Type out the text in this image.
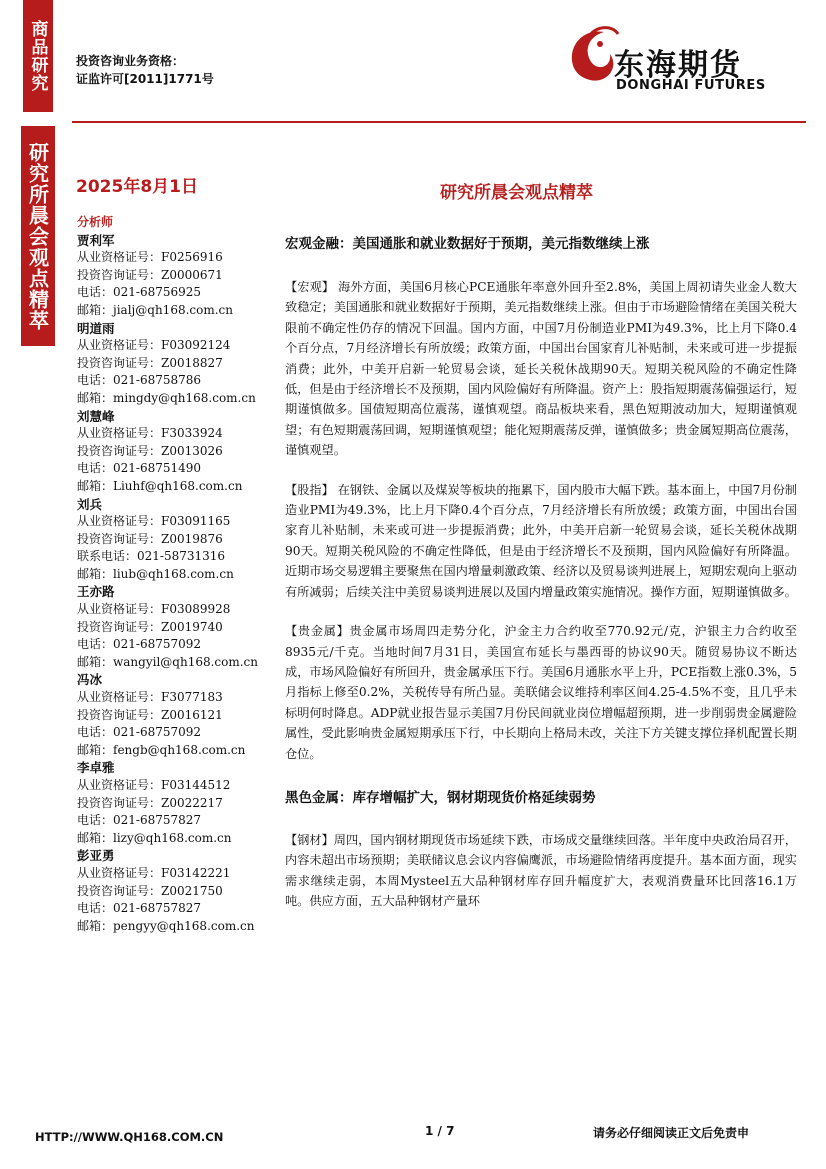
商品研究
研究所晨会观点精萃
投资咨询业务资格：
证监许可[2011]1771号	东海期货
DONGHAI FUTURES
2025年8月1日	研究所晨会观点精萃
分析师
贾利军
从业资格证号：F0256916
投资咨询证号：Z0000671
电话：021-68756925
邮箱：jialj@qh168.com.cn
明道雨
从业资格证号：F03092124
投资咨询证号：Z0018827
电话：021-68758786
邮箱：mingdy@qh168.com.cn
刘慧峰
从业资格证号：F3033924
投资咨询证号：Z0013026
电话：021-68751490
邮箱：Liuhf@qh168.com.cn
刘兵
从业资格证号：F03091165
投资咨询证号：Z0019876
联系电话：021-58731316
邮箱：liub@qh168.com.cn
王亦路
从业资格证号：F03089928
投资咨询证号：Z0019740
电话：021-68757092
邮箱：wangyil@qh168.com.cn
冯冰
从业资格证号：F3077183
投资咨询证号：Z0016121
电话：021-68757092
邮箱：fengb@qh168.com.cn
李卓雅
从业资格证号：F03144512
投资咨询证号：Z0022217
电话：021-68757827
邮箱：lizy@qh168.com.cn
彭亚勇
从业资格证号：F03142221
投资咨询证号：Z0021750
电话：021-68757827
邮箱：pengyy@qh168.com.cn
宏观金融：美国通胀和就业数据好于预期，美元指数继续上涨

【宏观】 海外方面，美国6月核心PCE通胀年率意外回升至2.8%，美国上周初请失业金人数大致稳定；美国通胀和就业数据好于预期，美元指数继续上涨。但由于市场避险情绪在美国关税大限前不确定性仍存的情况下回温。国内方面，中国7月份制造业PMI为49.3%，比上月下降0.4个百分点，7月经济增长有所放缓；政策方面，中国出台国家育儿补贴制，未来或可进一步提振消费；此外，中美开启新一轮贸易会谈，延长关税休战期90天。短期关税风险的不确定性降低，但是由于经济增长不及预期，国内风险偏好有所降温。资产上：股指短期震荡偏强运行，短期谨慎做多。国债短期高位震荡，谨慎观望。商品板块来看，黑色短期波动加大，短期谨慎观望；有色短期震荡回调，短期谨慎观望；能化短期震荡反弹，谨慎做多；贵金属短期高位震荡，谨慎观望。

【股指】 在钢铁、金属以及煤炭等板块的拖累下，国内股市大幅下跌。基本面上，中国7月份制造业PMI为49.3%，比上月下降0.4个百分点，7月经济增长有所放缓；政策方面，中国出台国家育儿补贴制，未来或可进一步提振消费；此外，中美开启新一轮贸易会谈，延长关税休战期90天。短期关税风险的不确定性降低，但是由于经济增长不及预期，国内风险偏好有所降温。近期市场交易逻辑主要聚焦在国内增量刺激政策、经济以及贸易谈判进展上，短期宏观向上驱动有所减弱；后续关注中美贸易谈判进展以及国内增量政策实施情况。操作方面，短期谨慎做多。

【贵金属】贵金属市场周四走势分化，沪金主力合约收至770.92元/克，沪银主力合约收至 8935元/千克。当地时间7月31日，美国宣布延长与墨西哥的协议90天。随贸易协议不断达成，市场风险偏好有所回升，贵金属承压下行。美国6月通胀水平上升，PCE指数上涨0.3%，5月指标上修至0.2%，关税传导有所凸显。美联储会议维持利率区间4.25-4.5%不变，且几乎未标明何时降息。ADP就业报告显示美国7月份民间就业岗位增幅超预期，进一步削弱贵金属避险属性，受此影响贵金属短期承压下行，中长期向上格局未改，关注下方关键支撑位择机配置长期仓位。

黑色金属：库存增幅扩大，钢材期现货价格延续弱势

【钢材】周四，国内钢材期现货市场延续下跌，市场成交量继续回落。半年度中央政治局召开，内容未超出市场预期；美联储议息会议内容偏鹰派，市场避险情绪再度提升。基本面方面，现实需求继续走弱，本周Mysteel五大品种钢材库存回升幅度扩大，表观消费量环比回落16.1万吨。供应方面，五大品种钢材产量环

HTTP://WWW.QH168.COM.CN	1 / 7	请务必仔细阅读正文后免责申
